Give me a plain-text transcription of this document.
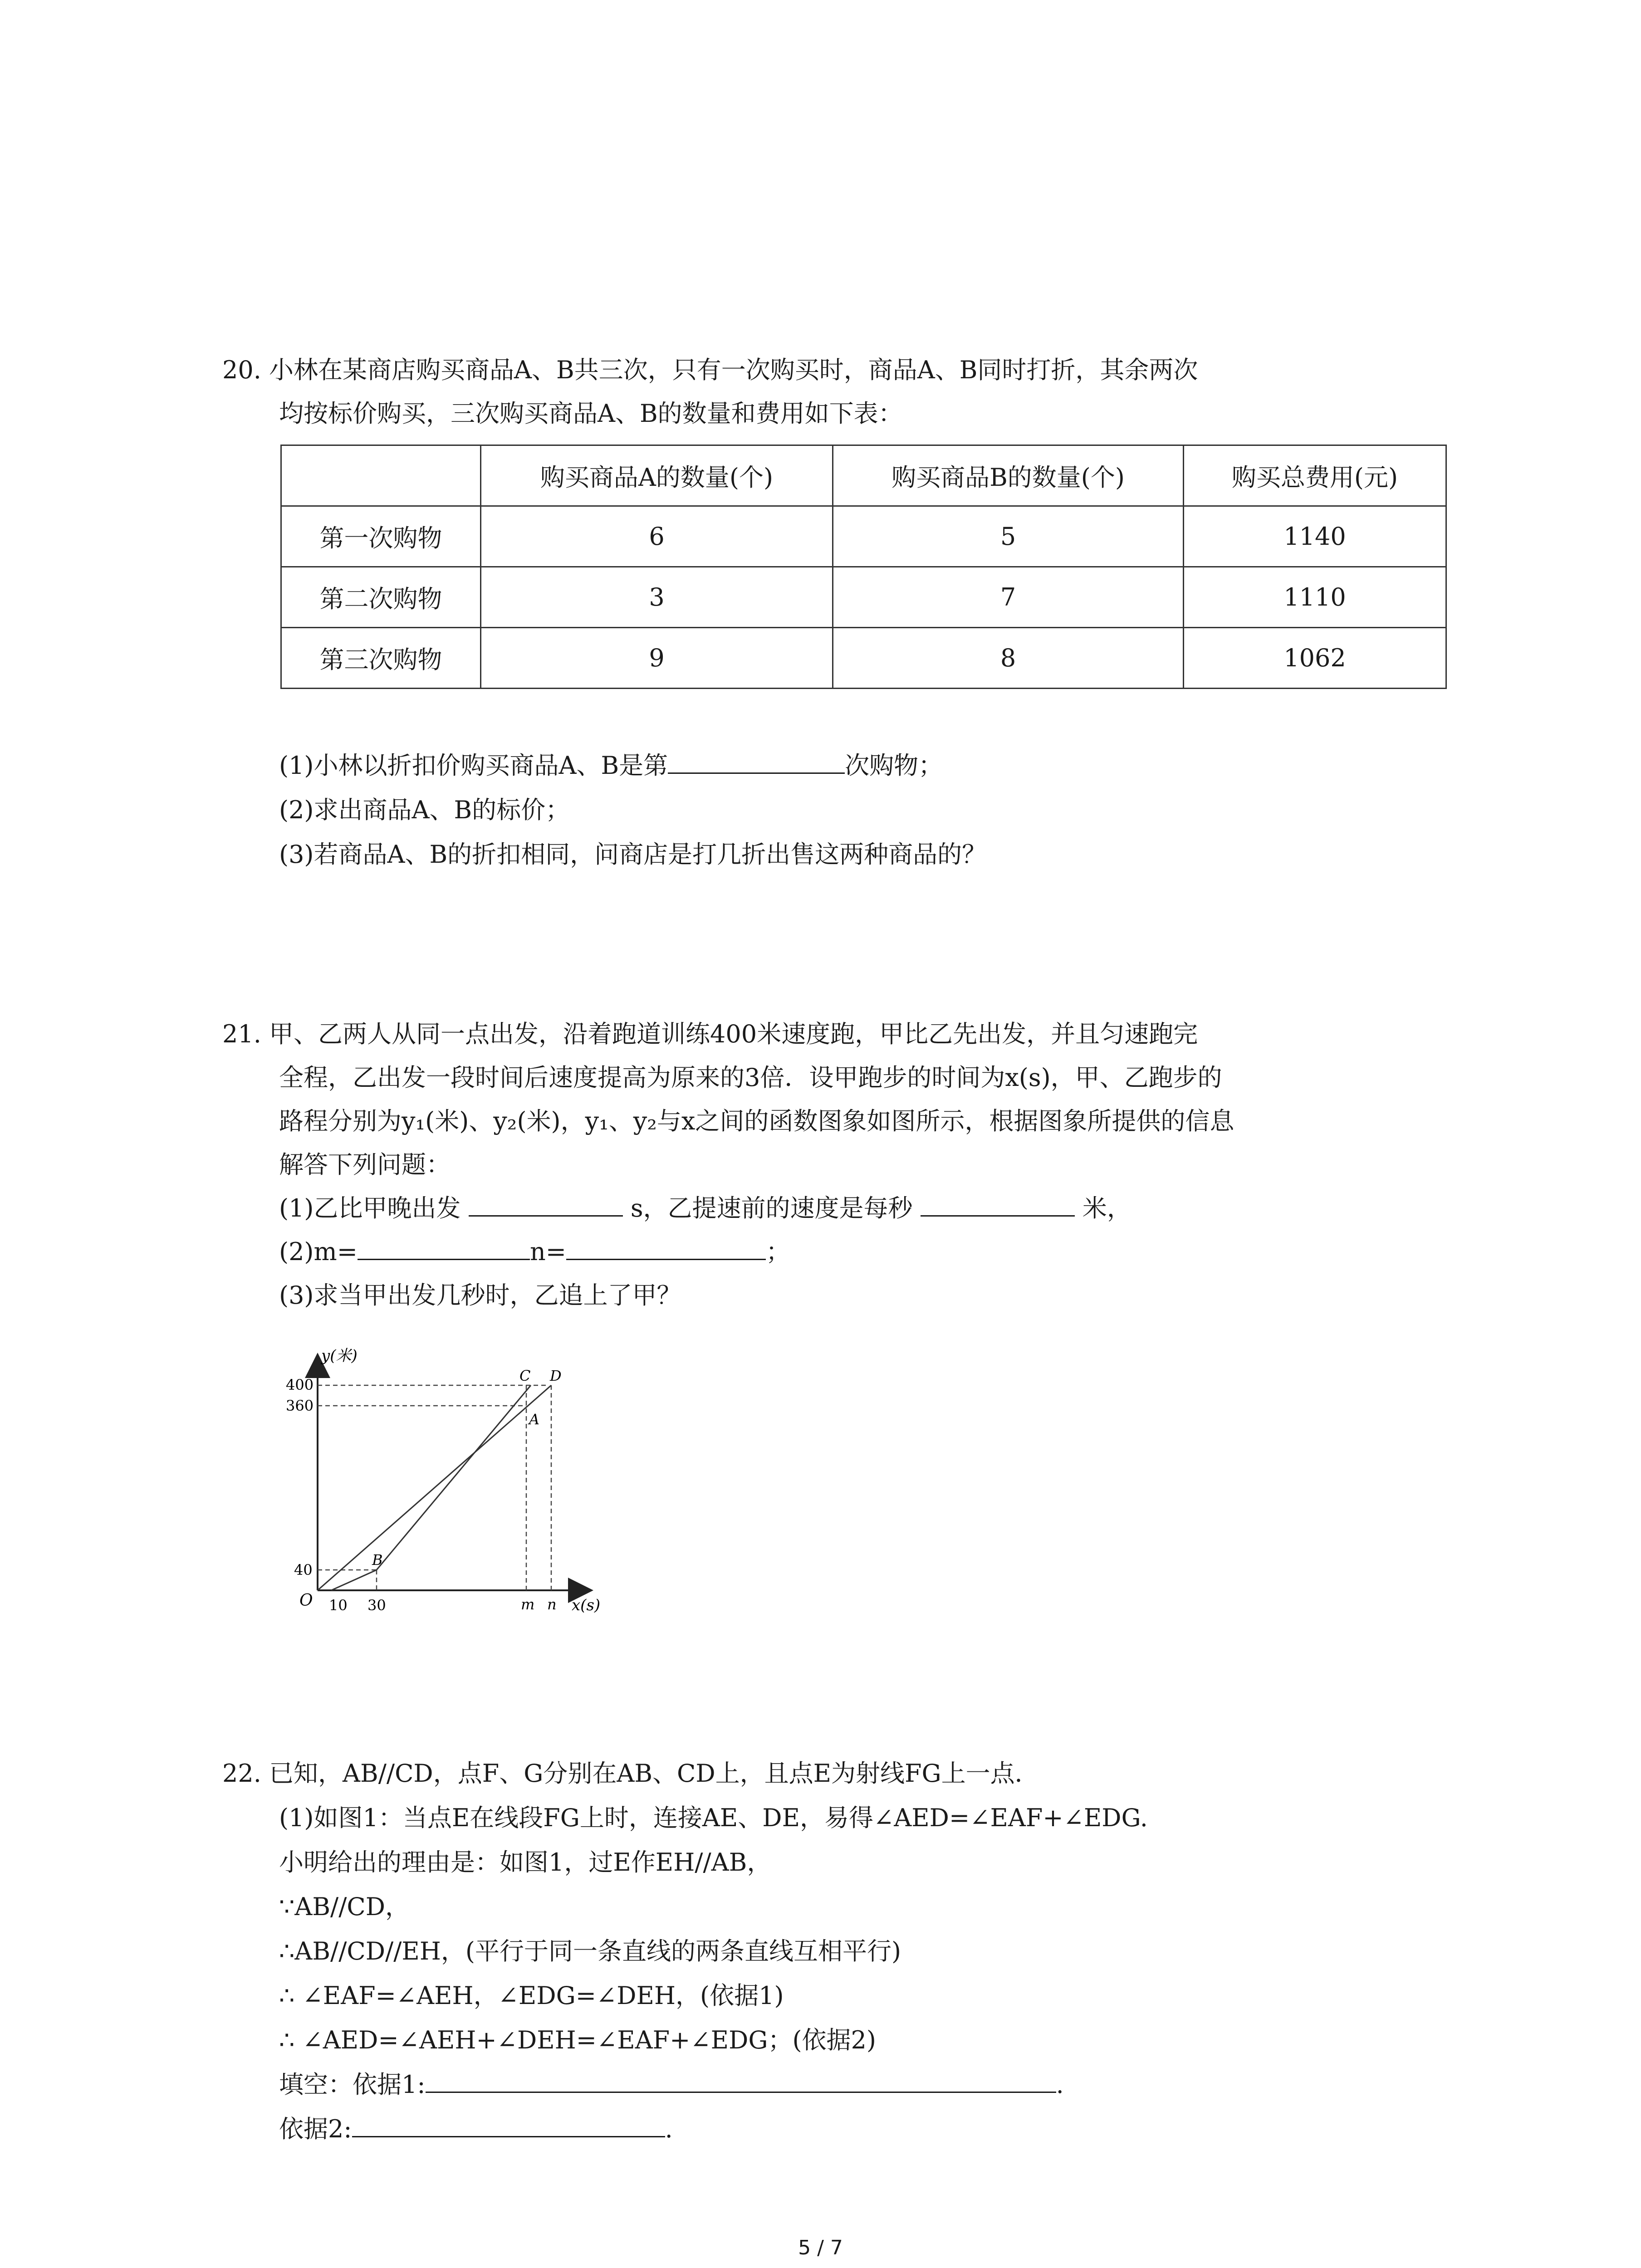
20. 小林在某商店购买商品A、B共三次，只有一次购买时，商品A、B同时打折，其余两次
均按标价购买，三次购买商品A、B的数量和费用如下表：
	购买商品A的数量(个)	购买商品B的数量(个)	购买总费用(元)
第一次购物	6	5	1140
第二次购物	3	7	1110
第三次购物	9	8	1062
(1)小林以折扣价购买商品A、B是第	次购物；
(2)求出商品A、B的标价；
(3)若商品A、B的折扣相同，问商店是打几折出售这两种商品的？
21. 甲、乙两人从同一点出发，沿着跑道训练400米速度跑，甲比乙先出发，并且匀速跑完
全程，乙出发一段时间后速度提高为原来的3倍．设甲跑步的时间为x(s)，甲、乙跑步的
路程分别为y₁(米)、y₂(米)，y₁、y₂与x之间的函数图象如图所示，根据图象所提供的信息
解答下列问题：
(1)乙比甲晚出发	s，乙提速前的速度是每秒	米，
(2)m=	n=	；
(3)求当甲出发几秒时，乙追上了甲？
y(米)
x(s)
O
400
360
40
10 30	m n
B
C D
A
22. 已知，AB//CD，点F、G分别在AB、CD上，且点E为射线FG上一点．
(1)如图1：当点E在线段FG上时，连接AE、DE，易得∠AED=∠EAF+∠EDG.
小明给出的理由是：如图1，过E作EH//AB，
∵AB//CD，
∴AB//CD//EH，(平行于同一条直线的两条直线互相平行)
∴ ∠EAF=∠AEH，∠EDG=∠DEH，(依据1)
∴ ∠AED=∠AEH+∠DEH=∠EAF+∠EDG；(依据2)
填空：依据1:	.
依据2:	.
5 / 7
